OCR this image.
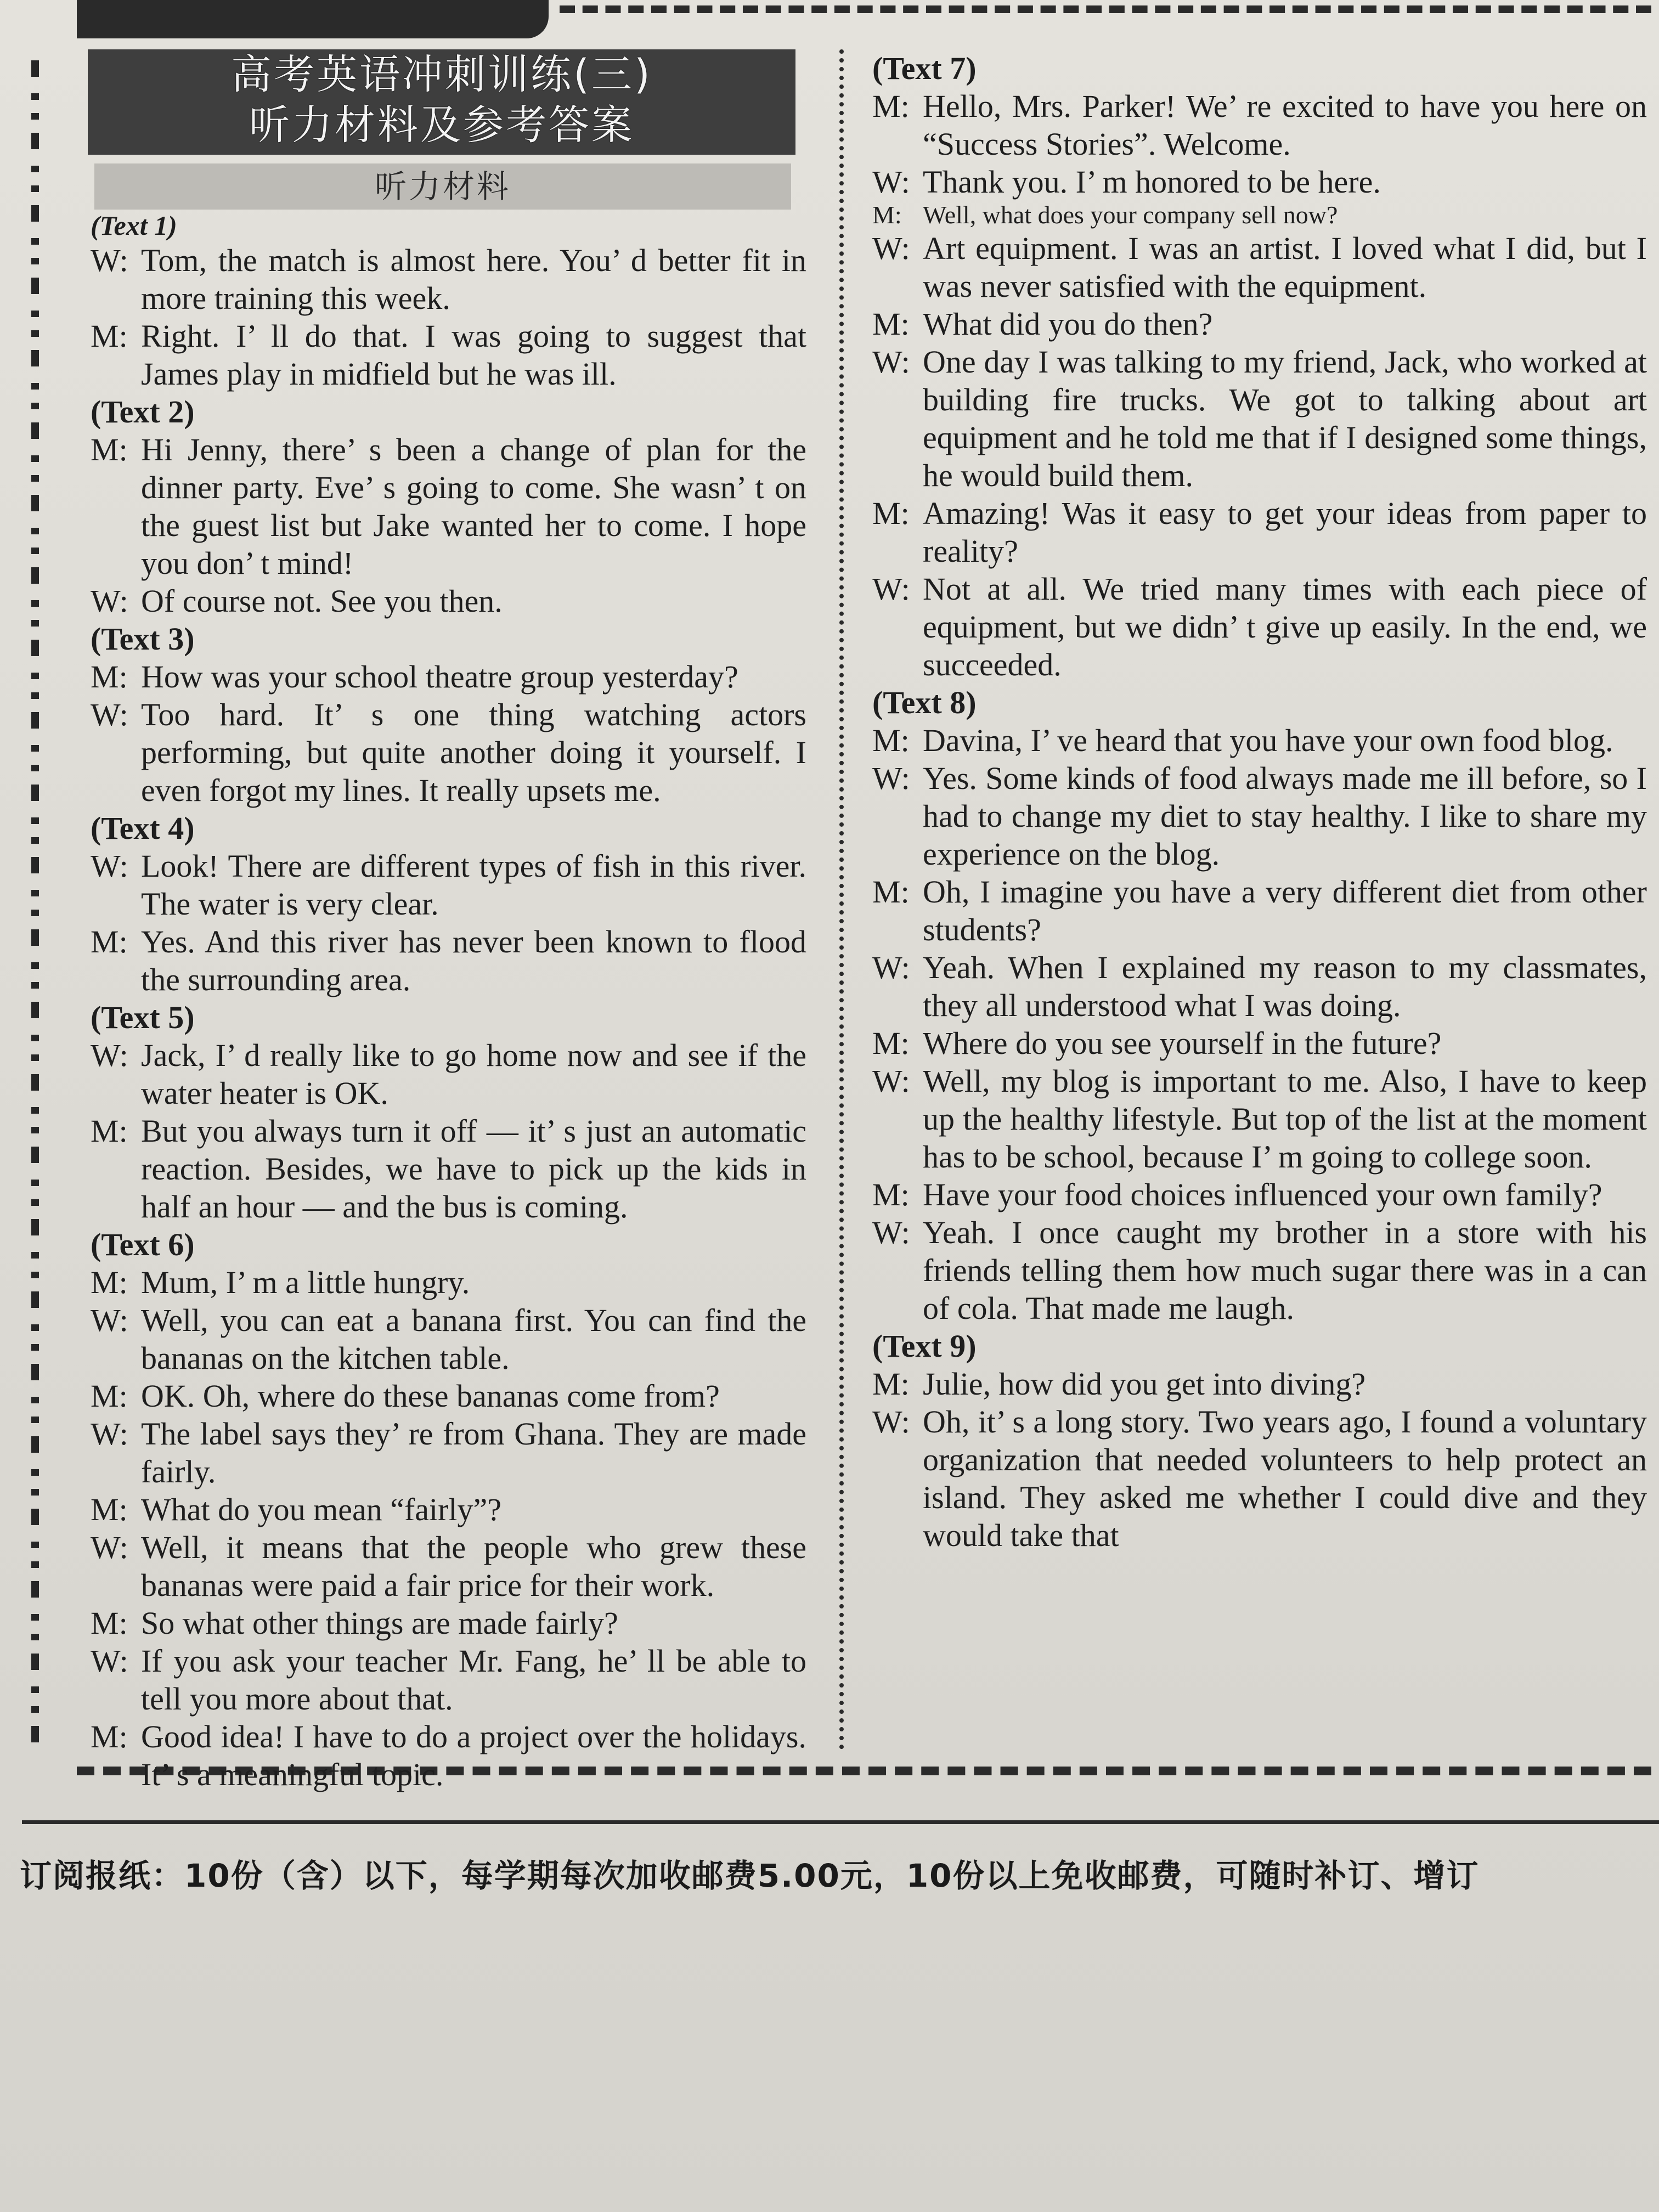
高考英语冲刺训练(三)
听力材料及参考答案
听力材料
(Text 1)
W: Tom, the match is almost here. You’ d better fit in more training this week.
M: Right. I’ ll do that. I was going to suggest that James play in midfield but he was ill.
(Text 2)
M: Hi Jenny, there’ s been a change of plan for the dinner party. Eve’ s going to come. She wasn’ t on the guest list but Jake wanted her to come. I hope you don’ t mind!
W: Of course not. See you then.
(Text 3)
M: How was your school theatre group yesterday?
W: Too hard. It’ s one thing watching actors performing, but quite another doing it yourself. I even forgot my lines. It really upsets me.
(Text 4)
W: Look! There are different types of fish in this river. The water is very clear.
M: Yes. And this river has never been known to flood the surrounding area.
(Text 5)
W: Jack, I’ d really like to go home now and see if the water heater is OK.
M: But you always turn it off — it’ s just an automatic reaction. Besides, we have to pick up the kids in half an hour — and the bus is coming.
(Text 6)
M: Mum, I’ m a little hungry.
W: Well, you can eat a banana first. You can find the bananas on the kitchen table.
M: OK. Oh, where do these bananas come from?
W: The label says they’ re from Ghana. They are made fairly.
M: What do you mean “fairly”?
W: Well, it means that the people who grew these bananas were paid a fair price for their work.
M: So what other things are made fairly?
W: If you ask your teacher Mr. Fang, he’ ll be able to tell you more about that.
M: Good idea! I have to do a project over the holidays. It’ s a meaningful topic.
(Text 7)
M: Hello, Mrs. Parker! We’ re excited to have you here on “Success Stories”. Welcome.
W: Thank you. I’ m honored to be here.
M: Well, what does your company sell now?
W: Art equipment. I was an artist. I loved what I did, but I was never satisfied with the equipment.
M: What did you do then?
W: One day I was talking to my friend, Jack, who worked at building fire trucks. We got to talking about art equipment and he told me that if I designed some things, he would build them.
M: Amazing! Was it easy to get your ideas from paper to reality?
W: Not at all. We tried many times with each piece of equipment, but we didn’ t give up easily. In the end, we succeeded.
(Text 8)
M: Davina, I’ ve heard that you have your own food blog.
W: Yes. Some kinds of food always made me ill before, so I had to change my diet to stay healthy. I like to share my experience on the blog.
M: Oh, I imagine you have a very different diet from other students?
W: Yeah. When I explained my reason to my classmates, they all understood what I was doing.
M: Where do you see yourself in the future?
W: Well, my blog is important to me. Also, I have to keep up the healthy lifestyle. But top of the list at the moment has to be school, because I’ m going to college soon.
M: Have your food choices influenced your own family?
W: Yeah. I once caught my brother in a store with his friends telling them how much sugar there was in a can of cola. That made me laugh.
(Text 9)
M: Julie, how did you get into diving?
W: Oh, it’ s a long story. Two years ago, I found a voluntary organization that needed volunteers to help protect an island. They asked me whether I could dive and they would take that
订阅报纸：10份（含）以下，每学期每次加收邮费5.00元，10份以上免收邮费，可随时补订、增订
